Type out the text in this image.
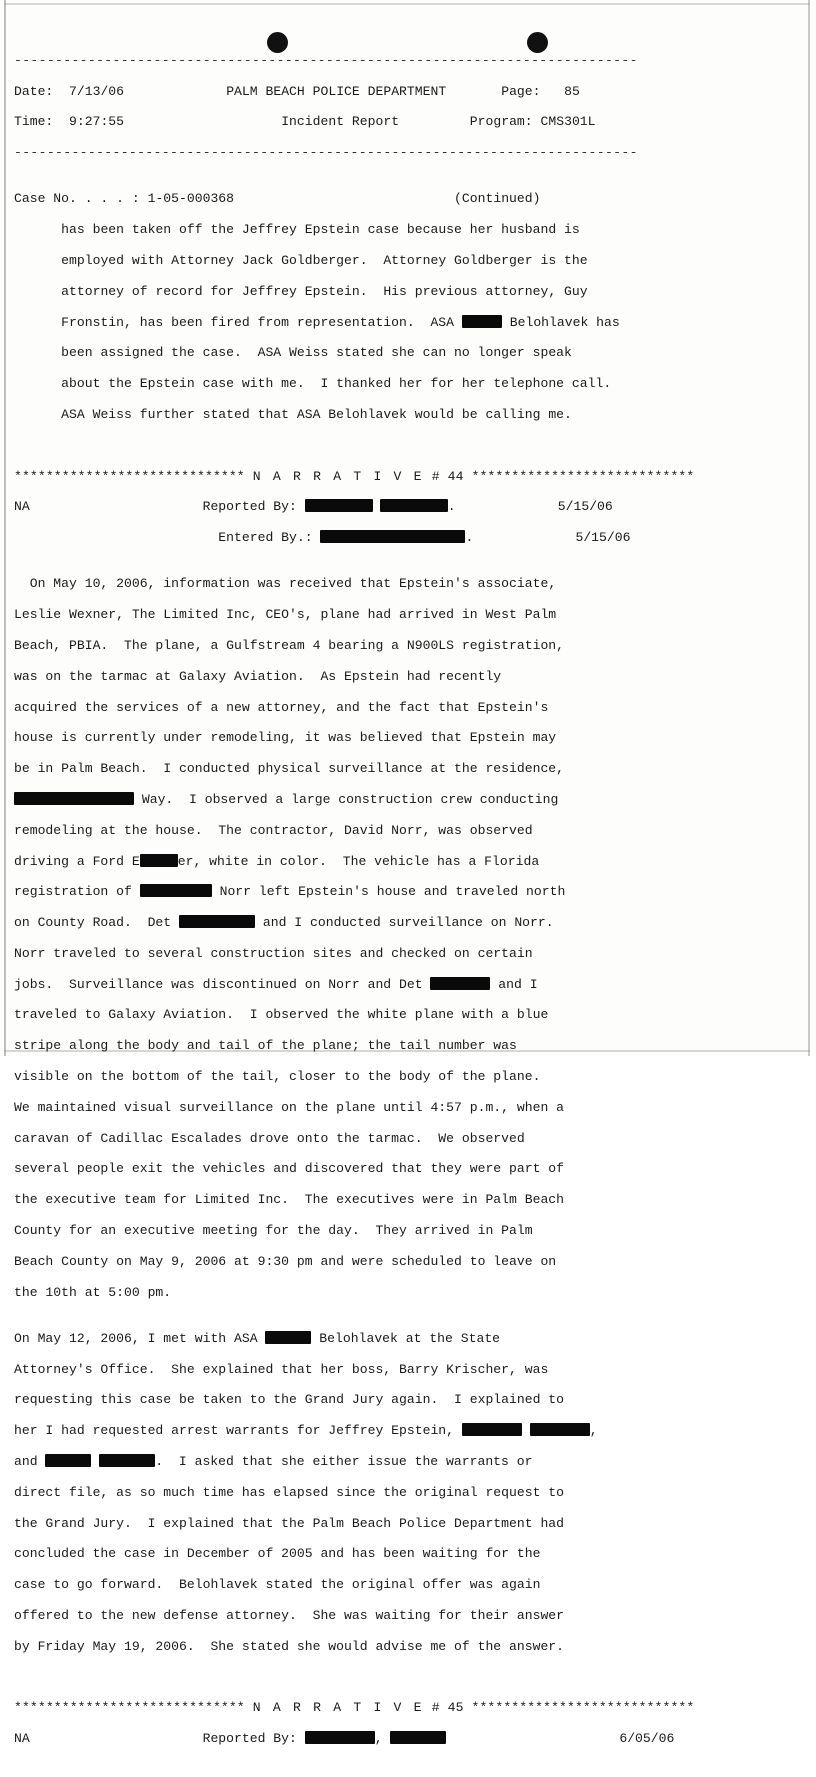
----------------------------------------------------------------------------
Date: 7/13/06	PALM BEACH POLICE DEPARTMENT	Page: 85
Time: 9:27:55	Incident Report	Program: CMS301L
----------------------------------------------------------------------------
Case No. . . . : 1-05-000368	(Continued)
has been taken off the Jeffrey Epstein case because her husband is
employed with Attorney Jack Goldberger.  Attorney Goldberger is the
attorney of record for Jeffrey Epstein.  His previous attorney, Guy
Fronstin, has been fired from representation.  ASA	Belohlavek has
been assigned the case.  ASA Weiss stated she can no longer speak
about the Epstein case with me.  I thanked her for her telephone call.
ASA Weiss further stated that ASA Belohlavek would be calling me.
***************************** N A R R A T I V E # 44 ****************************
NA	Reported By:	.	5/15/06
Entered By.:	.	5/15/06
On May 10, 2006, information was received that Epstein's associate,
Leslie Wexner, The Limited Inc, CEO's, plane had arrived in West Palm
Beach, PBIA.  The plane, a Gulfstream 4 bearing a N900LS registration,
was on the tarmac at Galaxy Aviation.  As Epstein had recently
acquired the services of a new attorney, and the fact that Epstein's
house is currently under remodeling, it was believed that Epstein may
be in Palm Beach.  I conducted physical surveillance at the residence,
Way.  I observed a large construction crew conducting
remodeling at the house.  The contractor, David Norr, was observed
driving a Ford E	er, white in color.  The vehicle has a Florida
registration of	Norr left Epstein's house and traveled north
on County Road.  Det	and I conducted surveillance on Norr.
Norr traveled to several construction sites and checked on certain
jobs.  Surveillance was discontinued on Norr and Det	and I
traveled to Galaxy Aviation.  I observed the white plane with a blue
stripe along the body and tail of the plane; the tail number was
visible on the bottom of the tail, closer to the body of the plane.
We maintained visual surveillance on the plane until 4:57 p.m., when a
caravan of Cadillac Escalades drove onto the tarmac.  We observed
several people exit the vehicles and discovered that they were part of
the executive team for Limited Inc.  The executives were in Palm Beach
County for an executive meeting for the day.  They arrived in Palm
Beach County on May 9, 2006 at 9:30 pm and were scheduled to leave on
the 10th at 5:00 pm.
On May 12, 2006, I met with ASA	Belohlavek at the State
Attorney's Office.  She explained that her boss, Barry Krischer, was
requesting this case be taken to the Grand Jury again.  I explained to
her I had requested arrest warrants for Jeffrey Epstein,	,
and	.  I asked that she either issue the warrants or
direct file, as so much time has elapsed since the original request to
the Grand Jury.  I explained that the Palm Beach Police Department had
concluded the case in December of 2005 and has been waiting for the
case to go forward.  Belohlavek stated the original offer was again
offered to the new defense attorney.  She was waiting for their answer
by Friday May 19, 2006.  She stated she would advise me of the answer.
***************************** N A R R A T I V E # 45 ****************************
NA	Reported By:	,	6/05/06
